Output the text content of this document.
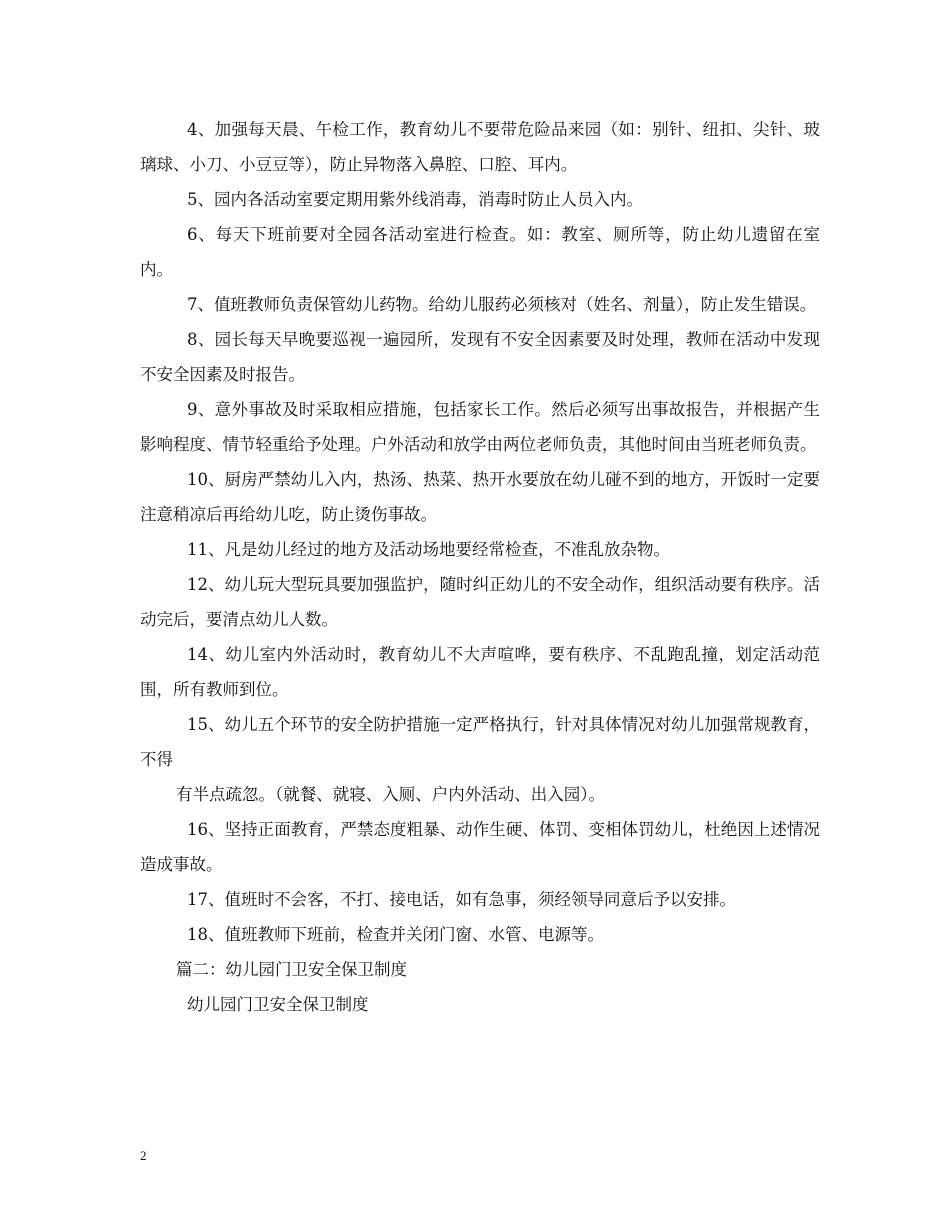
4、加强每天晨、午检工作，教育幼儿不要带危险品来园（如：别针、纽扣、尖针、玻璃球、小刀、小豆豆等），防止异物落入鼻腔、口腔、耳内。

5、园内各活动室要定期用紫外线消毒，消毒时防止人员入内。

6、每天下班前要对全园各活动室进行检查。如：教室、厕所等，防止幼儿遗留在室内。

7、值班教师负责保管幼儿药物。给幼儿服药必须核对（姓名、剂量），防止发生错误。

8、园长每天早晚要巡视一遍园所，发现有不安全因素要及时处理，教师在活动中发现不安全因素及时报告。

9、意外事故及时采取相应措施，包括家长工作。然后必须写出事故报告，并根据产生影响程度、情节轻重给予处理。户外活动和放学由两位老师负责，其他时间由当班老师负责。

10、厨房严禁幼儿入内，热汤、热菜、热开水要放在幼儿碰不到的地方，开饭时一定要注意稍凉后再给幼儿吃，防止烫伤事故。

11、凡是幼儿经过的地方及活动场地要经常检查，不准乱放杂物。

12、幼儿玩大型玩具要加强监护，随时纠正幼儿的不安全动作，组织活动要有秩序。活动完后，要清点幼儿人数。

14、幼儿室内外活动时，教育幼儿不大声喧哗，要有秩序、不乱跑乱撞，划定活动范围，所有教师到位。

15、幼儿五个环节的安全防护措施一定严格执行，针对具体情况对幼儿加强常规教育，不得

有半点疏忽。（就餐、就寝、入厕、户内外活动、出入园）。

16、坚持正面教育，严禁态度粗暴、动作生硬、体罚、变相体罚幼儿，杜绝因上述情况造成事故。

17、值班时不会客，不打、接电话，如有急事，须经领导同意后予以安排。

18、值班教师下班前，检查并关闭门窗、水管、电源等。

篇二：幼儿园门卫安全保卫制度

幼儿园门卫安全保卫制度

2
